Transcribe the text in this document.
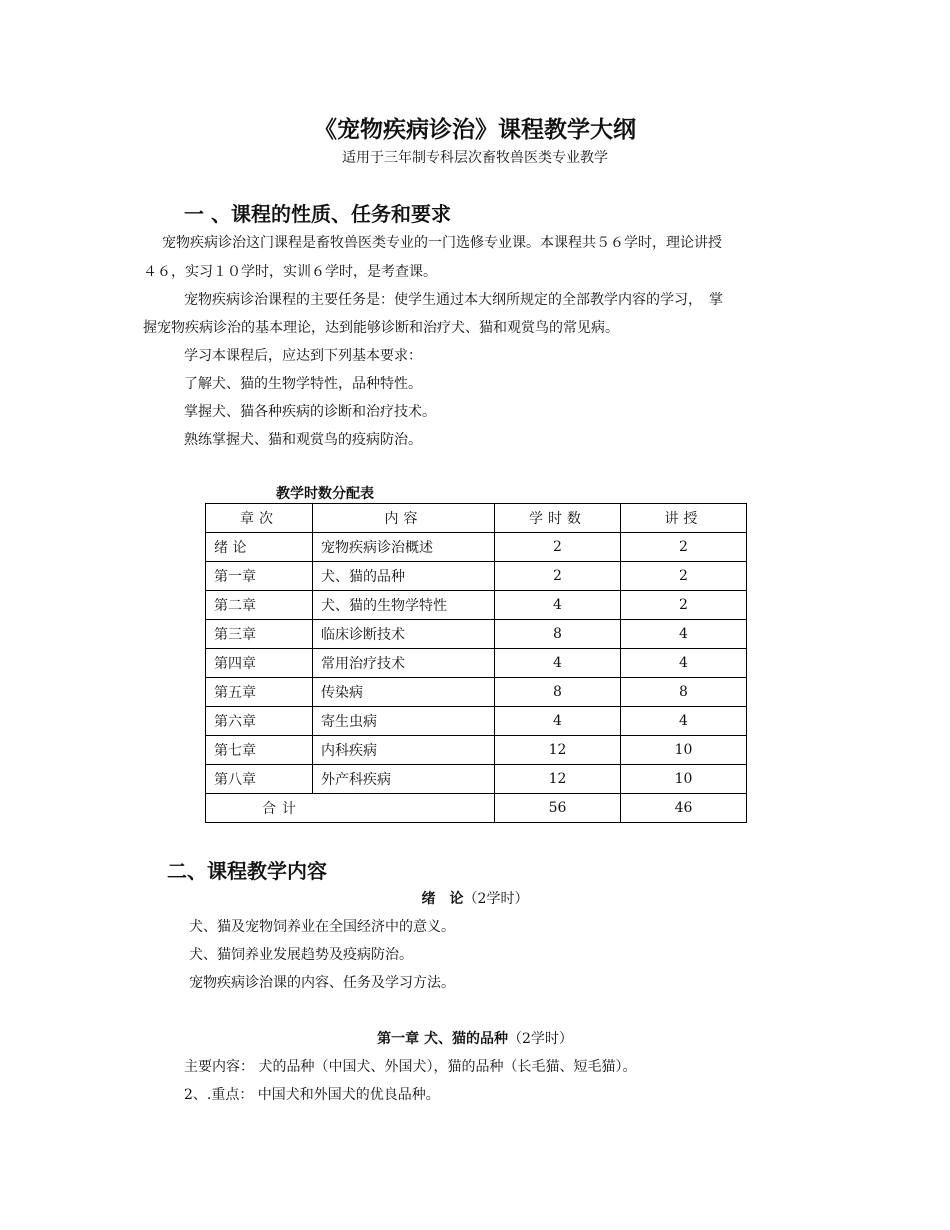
《宠物疾病诊治》课程教学大纲
适用于三年制专科层次畜牧兽医类专业教学
一 、课程的性质、任务和要求
宠物疾病诊治这门课程是畜牧兽医类专业的一门选修专业课。本课程共５６学时，理论讲授
４６，实习１０学时，实训６学时，是考查课。
宠物疾病诊治课程的主要任务是：使学生通过本大纲所规定的全部教学内容的学习，　掌
握宠物疾病诊治的基本理论，达到能够诊断和治疗犬、猫和观赏鸟的常见病。
学习本课程后，应达到下列基本要求：
了解犬、猫的生物学特性，品种特性。
掌握犬、猫各种疾病的诊断和治疗技术。
熟练掌握犬、猫和观赏鸟的疫病防治。
教学时数分配表
章次	内容	学时数	讲授
绪 论	宠物疾病诊治概述	2	2
第一章	犬、猫的品种	2	2
第二章	犬、猫的生物学特性	4	2
第三章	临床诊断技术	8	4
第四章	常用治疗技术	4	4
第五章	传染病	8	8
第六章	寄生虫病	4	4
第七章	内科疾病	12	10
第八章	外产科疾病	12	10
合计		56	46
二、课程教学内容
绪　论（2学时）
犬、猫及宠物饲养业在全国经济中的意义。
犬、猫饲养业发展趋势及疫病防治。
宠物疾病诊治课的内容、任务及学习方法。
第一章 犬、猫的品种（2学时）
主要内容： 犬的品种（中国犬、外国犬），猫的品种（长毛猫、短毛猫）。
2、.重点： 中国犬和外国犬的优良品种。
